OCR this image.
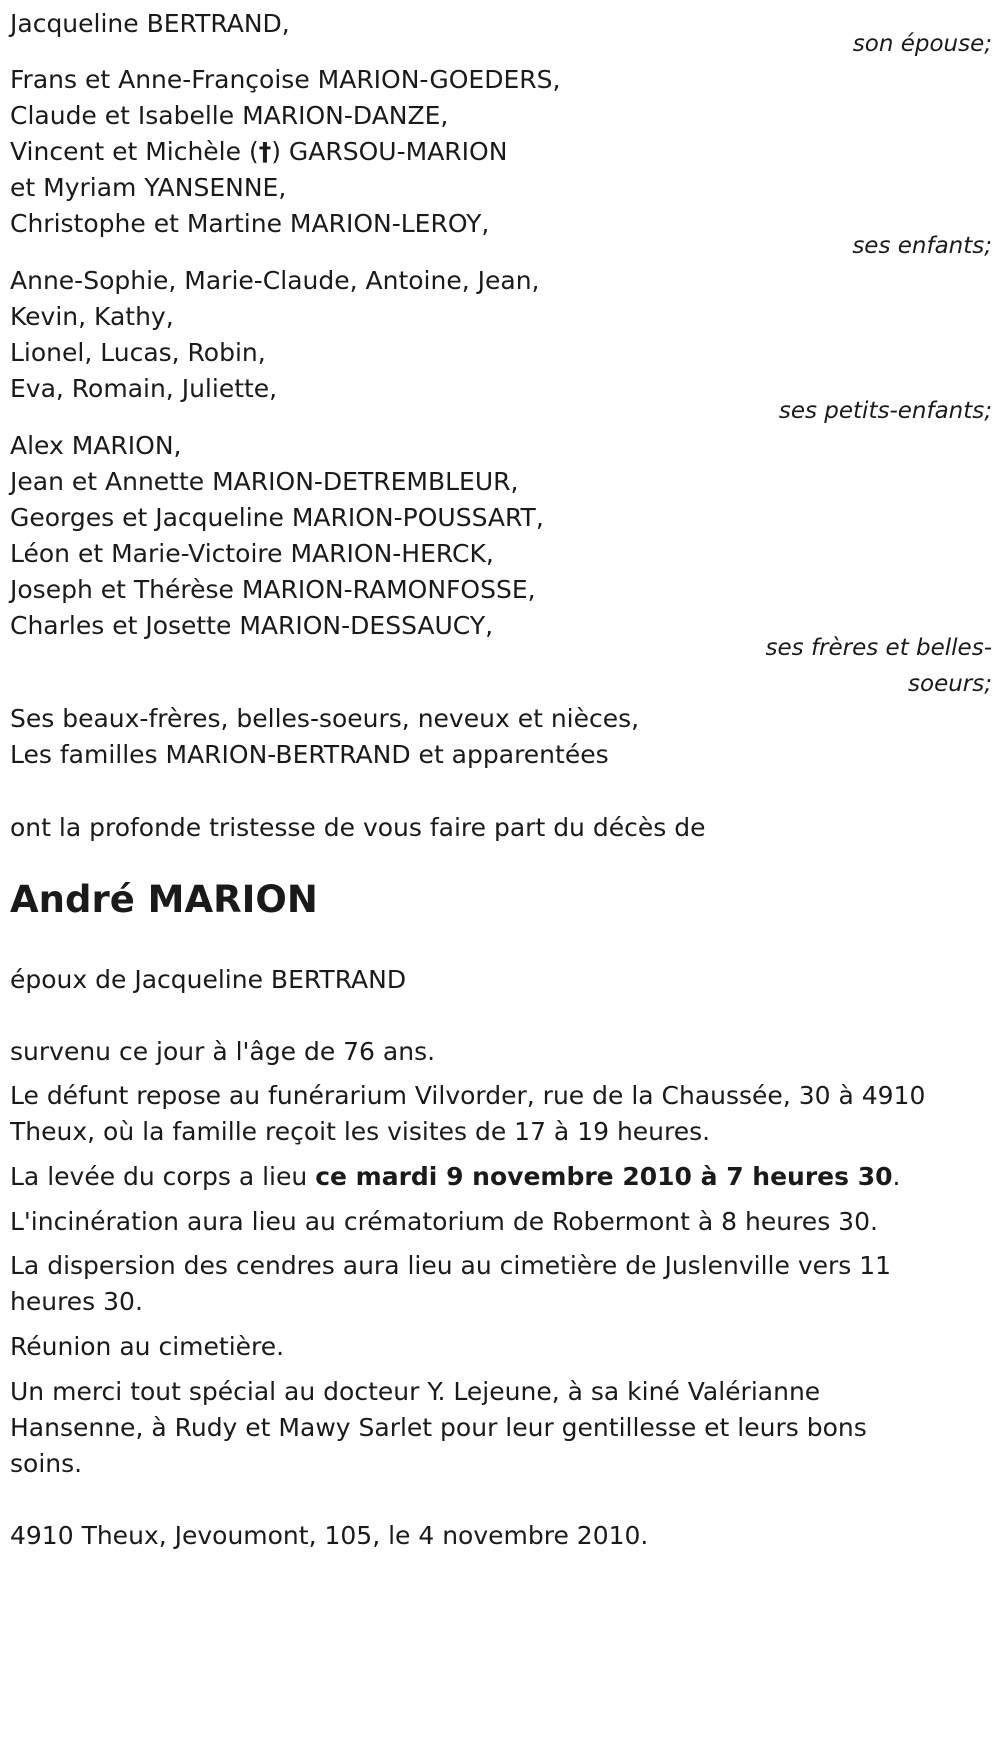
Jacqueline BERTRAND,
son épouse;
Frans et Anne-Françoise MARION-GOEDERS,
Claude et Isabelle MARION-DANZE,
Vincent et Michèle (†) GARSOU-MARION
et Myriam YANSENNE,
Christophe et Martine MARION-LEROY,
ses enfants;
Anne-Sophie, Marie-Claude, Antoine, Jean,
Kevin, Kathy,
Lionel, Lucas, Robin,
Eva, Romain, Juliette,
ses petits-enfants;
Alex MARION,
Jean et Annette MARION-DETREMBLEUR,
Georges et Jacqueline MARION-POUSSART,
Léon et Marie-Victoire MARION-HERCK,
Joseph et Thérèse MARION-RAMONFOSSE,
Charles et Josette MARION-DESSAUCY,
ses frères et belles-
soeurs;
Ses beaux-frères, belles-soeurs, neveux et nièces,
Les familles MARION-BERTRAND et apparentées
ont la profonde tristesse de vous faire part du décès de
André MARION
époux de Jacqueline BERTRAND
survenu ce jour à l'âge de 76 ans.
Le défunt repose au funérarium Vilvorder, rue de la Chaussée, 30 à 4910
Theux, où la famille reçoit les visites de 17 à 19 heures.
La levée du corps a lieu ce mardi 9 novembre 2010 à 7 heures 30.
L'incinération aura lieu au crématorium de Robermont à 8 heures 30.
La dispersion des cendres aura lieu au cimetière de Juslenville vers 11
heures 30.
Réunion au cimetière.
Un merci tout spécial au docteur Y. Lejeune, à sa kiné Valérianne
Hansenne, à Rudy et Mawy Sarlet pour leur gentillesse et leurs bons
soins.
4910 Theux, Jevoumont, 105, le 4 novembre 2010.
